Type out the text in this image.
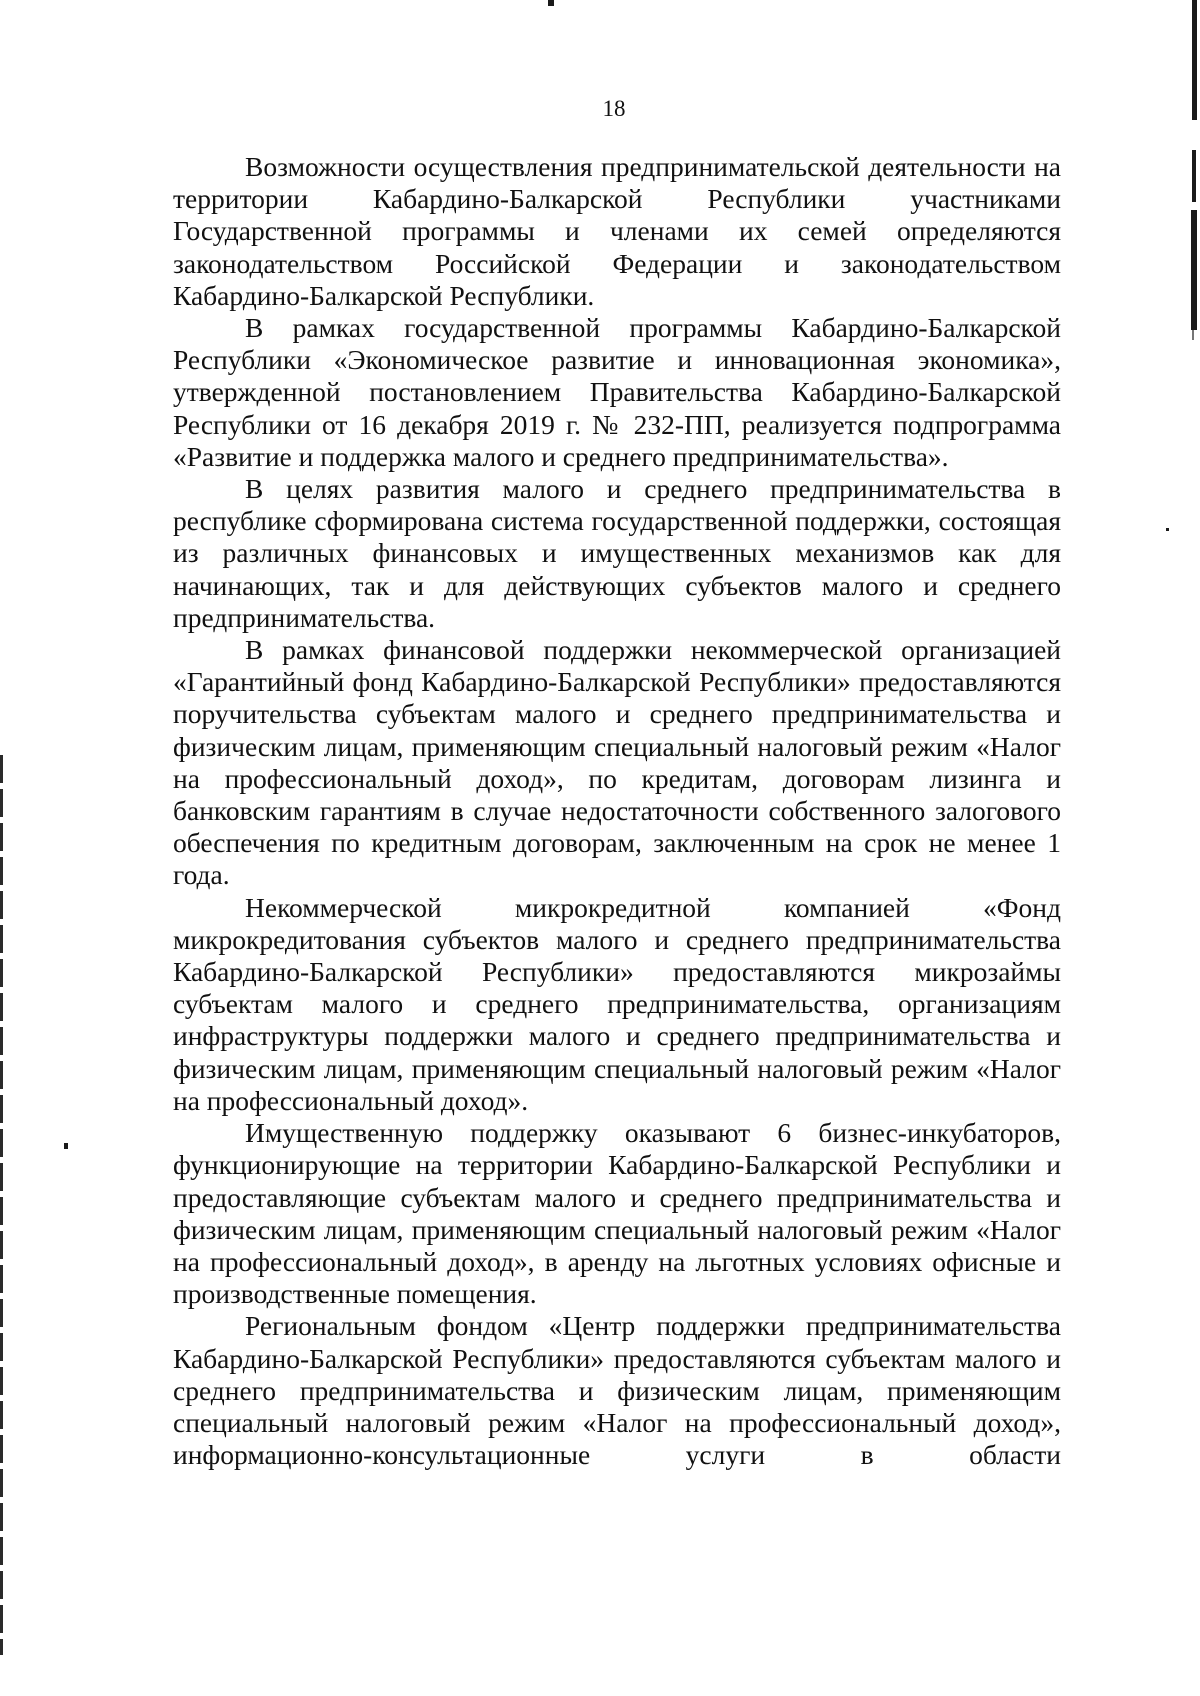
18

Возможности осуществления предпринимательской деятельности на территории Кабардино-Балкарской Республики участниками Государственной программы и членами их семей определяются законодательством Российской Федерации и законодательством Кабардино-Балкарской Республики.

В рамках государственной программы Кабардино-Балкарской Республики «Экономическое развитие и инновационная экономика», утвержденной постановлением Правительства Кабардино-Балкарской Республики от 16 декабря 2019 г. № 232-ПП, реализуется подпрограмма «Развитие и поддержка малого и среднего предпринимательства».

В целях развития малого и среднего предпринимательства в республике сформирована система государственной поддержки, состоящая из различных финансовых и имущественных механизмов как для начинающих, так и для действующих субъектов малого и среднего предпринимательства.

В рамках финансовой поддержки некоммерческой организацией «Гарантийный фонд Кабардино-Балкарской Республики» предоставляются поручительства субъектам малого и среднего предпринимательства и физическим лицам, применяющим специальный налоговый режим «Налог на профессиональный доход», по кредитам, договорам лизинга и банковским гарантиям в случае недостаточности собственного залогового обеспечения по кредитным договорам, заключенным на срок не менее 1 года.

Некоммерческой микрокредитной компанией «Фонд микрокредитования субъектов малого и среднего предпринимательства Кабардино-Балкарской Республики» предоставляются микрозаймы субъектам малого и среднего предпринимательства, организациям инфраструктуры поддержки малого и среднего предпринимательства и физическим лицам, применяющим специальный налоговый режим «Налог на профессиональный доход».

Имущественную поддержку оказывают 6 бизнес-инкубаторов, функционирующие на территории Кабардино-Балкарской Республики и предоставляющие субъектам малого и среднего предпринимательства и физическим лицам, применяющим специальный налоговый режим «Налог на профессиональный доход», в аренду на льготных условиях офисные и производственные помещения.

Региональным фондом «Центр поддержки предпринимательства Кабардино-Балкарской Республики» предоставляются субъектам малого и среднего предпринимательства и физическим лицам, применяющим специальный налоговый режим «Налог на профессиональный доход», информационно-консультационные услуги в области
